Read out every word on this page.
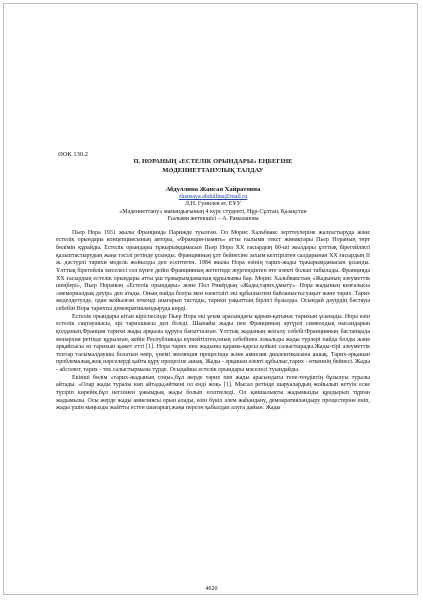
ӘОК 130.2
П. НОРАНЫҢ «ЕСТЕЛІК ОРЫНДАРЫ» ЕҢБЕГІНЕ
МӘДЕНИЕТТАНУЛЫҚ ТАЛДАУ
Абдуллина Жансая Хайратовна
zhansaya.abdullina@mail.ru
Л.Н. Гумилев ат. ЕҰУ
«Мәдениеттану» мамандығының 4 курс студенті, Нұр-Сұлтан, Қазақстан
Ғылыми жетекшісі – А. Рамазанова

Пьер Нора 1931 жылы Францияда Парижде туылған. Ол Морис Хальбвакс зерттеулеріне жалғастыруда және естелік орындары концепциясының авторы, «Франция-память» атты ғылыми текст жинақтары Пьер Нораның төрт бөлімін құрайды. Естелік орындары тұжырымдамасын Пьер Нора ХХ ғасырдың 80-ші жылдары ұлттық бірегейлікті қалыптастырудың жаңа тәсілі ретінде ұсынды. Францияның ұлт бейнесіне захым келтірілген салдарынан ХХ ғасырдың II ж. дәстүрлі тарихи модель жойылды деп есептеген. 1984 жылы Нора өзінің тарих-жады тұжырымдамасын ұсынды. Ұлттық бірегейлік мәселесі сол күнге дейін Францияның жетегінде жүргендіктен өте өзекті болып табылады. Францияда ХХ ғасырдың естелік орындары атты ұш тұжырымдамалық құрылымы бар. Морис Хальбвакстың «Жадының әлеуметтік шеңбері», Пьер Нораның «Естелік орындары» және Пол Рикёрдың «Жады,тарих,ұмыту». Нора жадының көзғалысы «мемориалдық дәуір» деп атады. Оның пайда болуы мен өзектілігі екі құбылыспен байланысты:уақыт және тарих. Тарих жеделдетулде, одан жойылған өткенді шығарып тастады, тарихи уақыттың бірлігі бұзылды. Осындай дәуірдің бастауы себебін Нора тарихты демократияландыруда көрді.

Естелік орындары кітап кіріспесінде Пьер Нора екі ұғым арасындағы қарым-қатынас тарихын ұсынады. Нора өзін естелік сақтаушысы, әрі тарихшысы деп біледі. Шынайы жады пен Франциның әртүрлі символдық нысандарын қолданып,Франция тарихи жады арқылы құруға бағытталған. Ұлттық жадының жоғалу себебі:Францияның бастапқыда монархия ретінде құрылған, кейін Республикада күшейтілген,оның себебінен локальды жады түрлері пайда болды және әрқайсысы өз тарихын қажет етті [1]. Нора тарих пен жадыны қарама-қарсы қойып салыстырады.Жады-тірі әлеуметтік топтар тасымалдаушы болатын өмір, үнемі эволюция процесінде және амнезия диалектикасына ашық. Тарих-әрқашан проблемалық,жоқ нәрселерді қайта құру процесіне ашық. Жады - әрқашан өзекті құбылыс,тарих - өткеннің бейнесі. Жады - абсолют, тарих - тек салыстырмалы түрде. Осыдайша естелік орындары мәселесі туындайды.

Екінші бөлім «тарих-жадының соңы»,бұл жерде тарих пен жады арасындағы тепе-теңдіктің бұзылуы туралы айтады. «Олар жады туралы көп айтады,өйткені ол енді жоқ» [1]. Мысал ретінде шаруалардың жойылып кетуін еске түсіріп көрейік,бұл негізінен ұжымдық жады болып есептеледі. Ол қаншалықты жадымызды құндырып тұрған жадымызы. Осы жерде жады амнезиясы орын алады, өзін бүкіл әлем жаһандану, демократияландыру процестеріне еніп, жады үшін маңызды жайтты естен шығарып,жаңа персон қабылдап алуға дайын. Жады

4620
